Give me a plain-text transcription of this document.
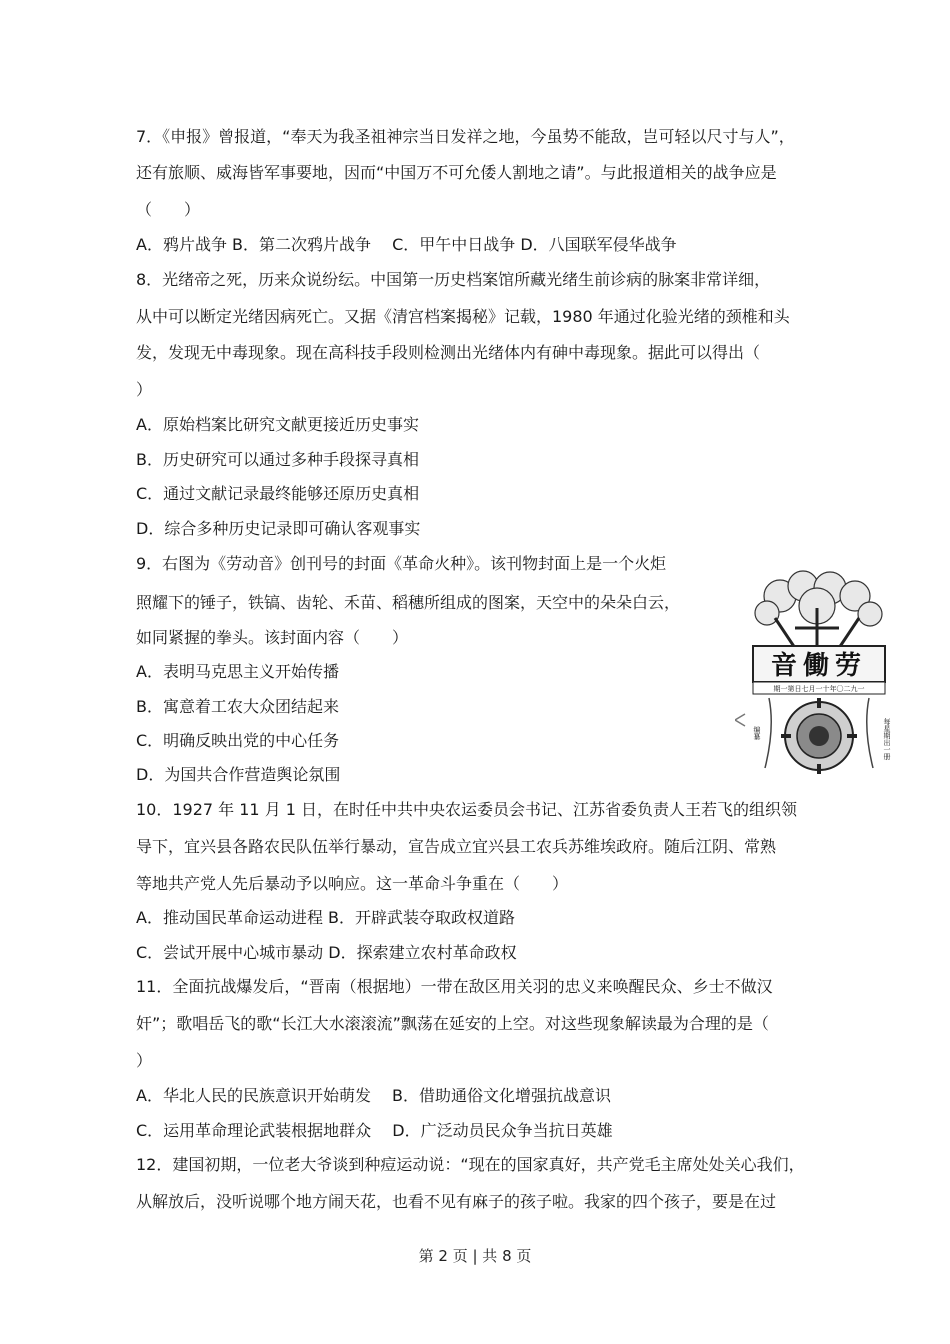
7．《申报》曾报道，“奉天为我圣祖神宗当日发祥之地，今虽势不能敌，岂可轻以尺寸与人”，
还有旅顺、威海皆军事要地，因而“中国万不可允倭人割地之请”。与此报道相关的战争应是
（　　）
A．鸦片战争 B．第二次鸦片战争　 C．甲午中日战争 D．八国联军侵华战争
8．光绪帝之死，历来众说纷纭。中国第一历史档案馆所藏光绪生前诊病的脉案非常详细，
从中可以断定光绪因病死亡。又据《清宫档案揭秘》记载，1980 年通过化验光绪的颈椎和头
发，发现无中毒现象。现在高科技手段则检测出光绪体内有砷中毒现象。据此可以得出（
）
A．原始档案比研究文献更接近历史事实
B．历史研究可以通过多种手段探寻真相
C．通过文献记录最终能够还原历史真相
D．综合多种历史记录即可确认客观事实
9．右图为《劳动音》创刊号的封面《革命火种》。该刊物封面上是一个火炬
照耀下的锤子，铁镐、齿轮、禾苗、稻穗所组成的图案，天空中的朵朵白云，
如同紧握的拳头。该封面内容（　　）
A．表明马克思主义开始传播
B．寓意着工农大众团结起来
C．明确反映出党的中心任务
D．为国共合作营造舆论氛围
10．1927 年 11 月 1 日，在时任中共中央农运委员会书记、江苏省委负责人王若飞的组织领
导下，宜兴县各路农民队伍举行暴动，宣告成立宜兴县工农兵苏维埃政府。随后江阴、常熟
等地共产党人先后暴动予以响应。这一革命斗争重在（　　）
A．推动国民革命运动进程 B．开辟武装夺取政权道路
C．尝试开展中心城市暴动 D．探索建立农村革命政权
11．全面抗战爆发后，“晋南（根据地）一带在敌区用关羽的忠义来唤醒民众、乡士不做汉
奸”；歌唱岳飞的歌“长江大水滚滚流”飘荡在延安的上空。对这些现象解读最为合理的是（
）
A．华北人民的民族意识开始萌发　 B．借助通俗文化增强抗战意识
C．运用革命理论武装根据地群众　 D．广泛动员民众争当抗日英雄
12．建国初期，一位老大爷谈到种痘运动说：“现在的国家真好，共产党毛主席处处关心我们，
从解放后，没听说哪个地方闹天花，也看不见有麻子的孩子啦。我家的四个孩子，要是在过
音働劳
期一第日七月一十年〇二九一
每星期出一册
编纂
第 2 页 | 共 8 页
